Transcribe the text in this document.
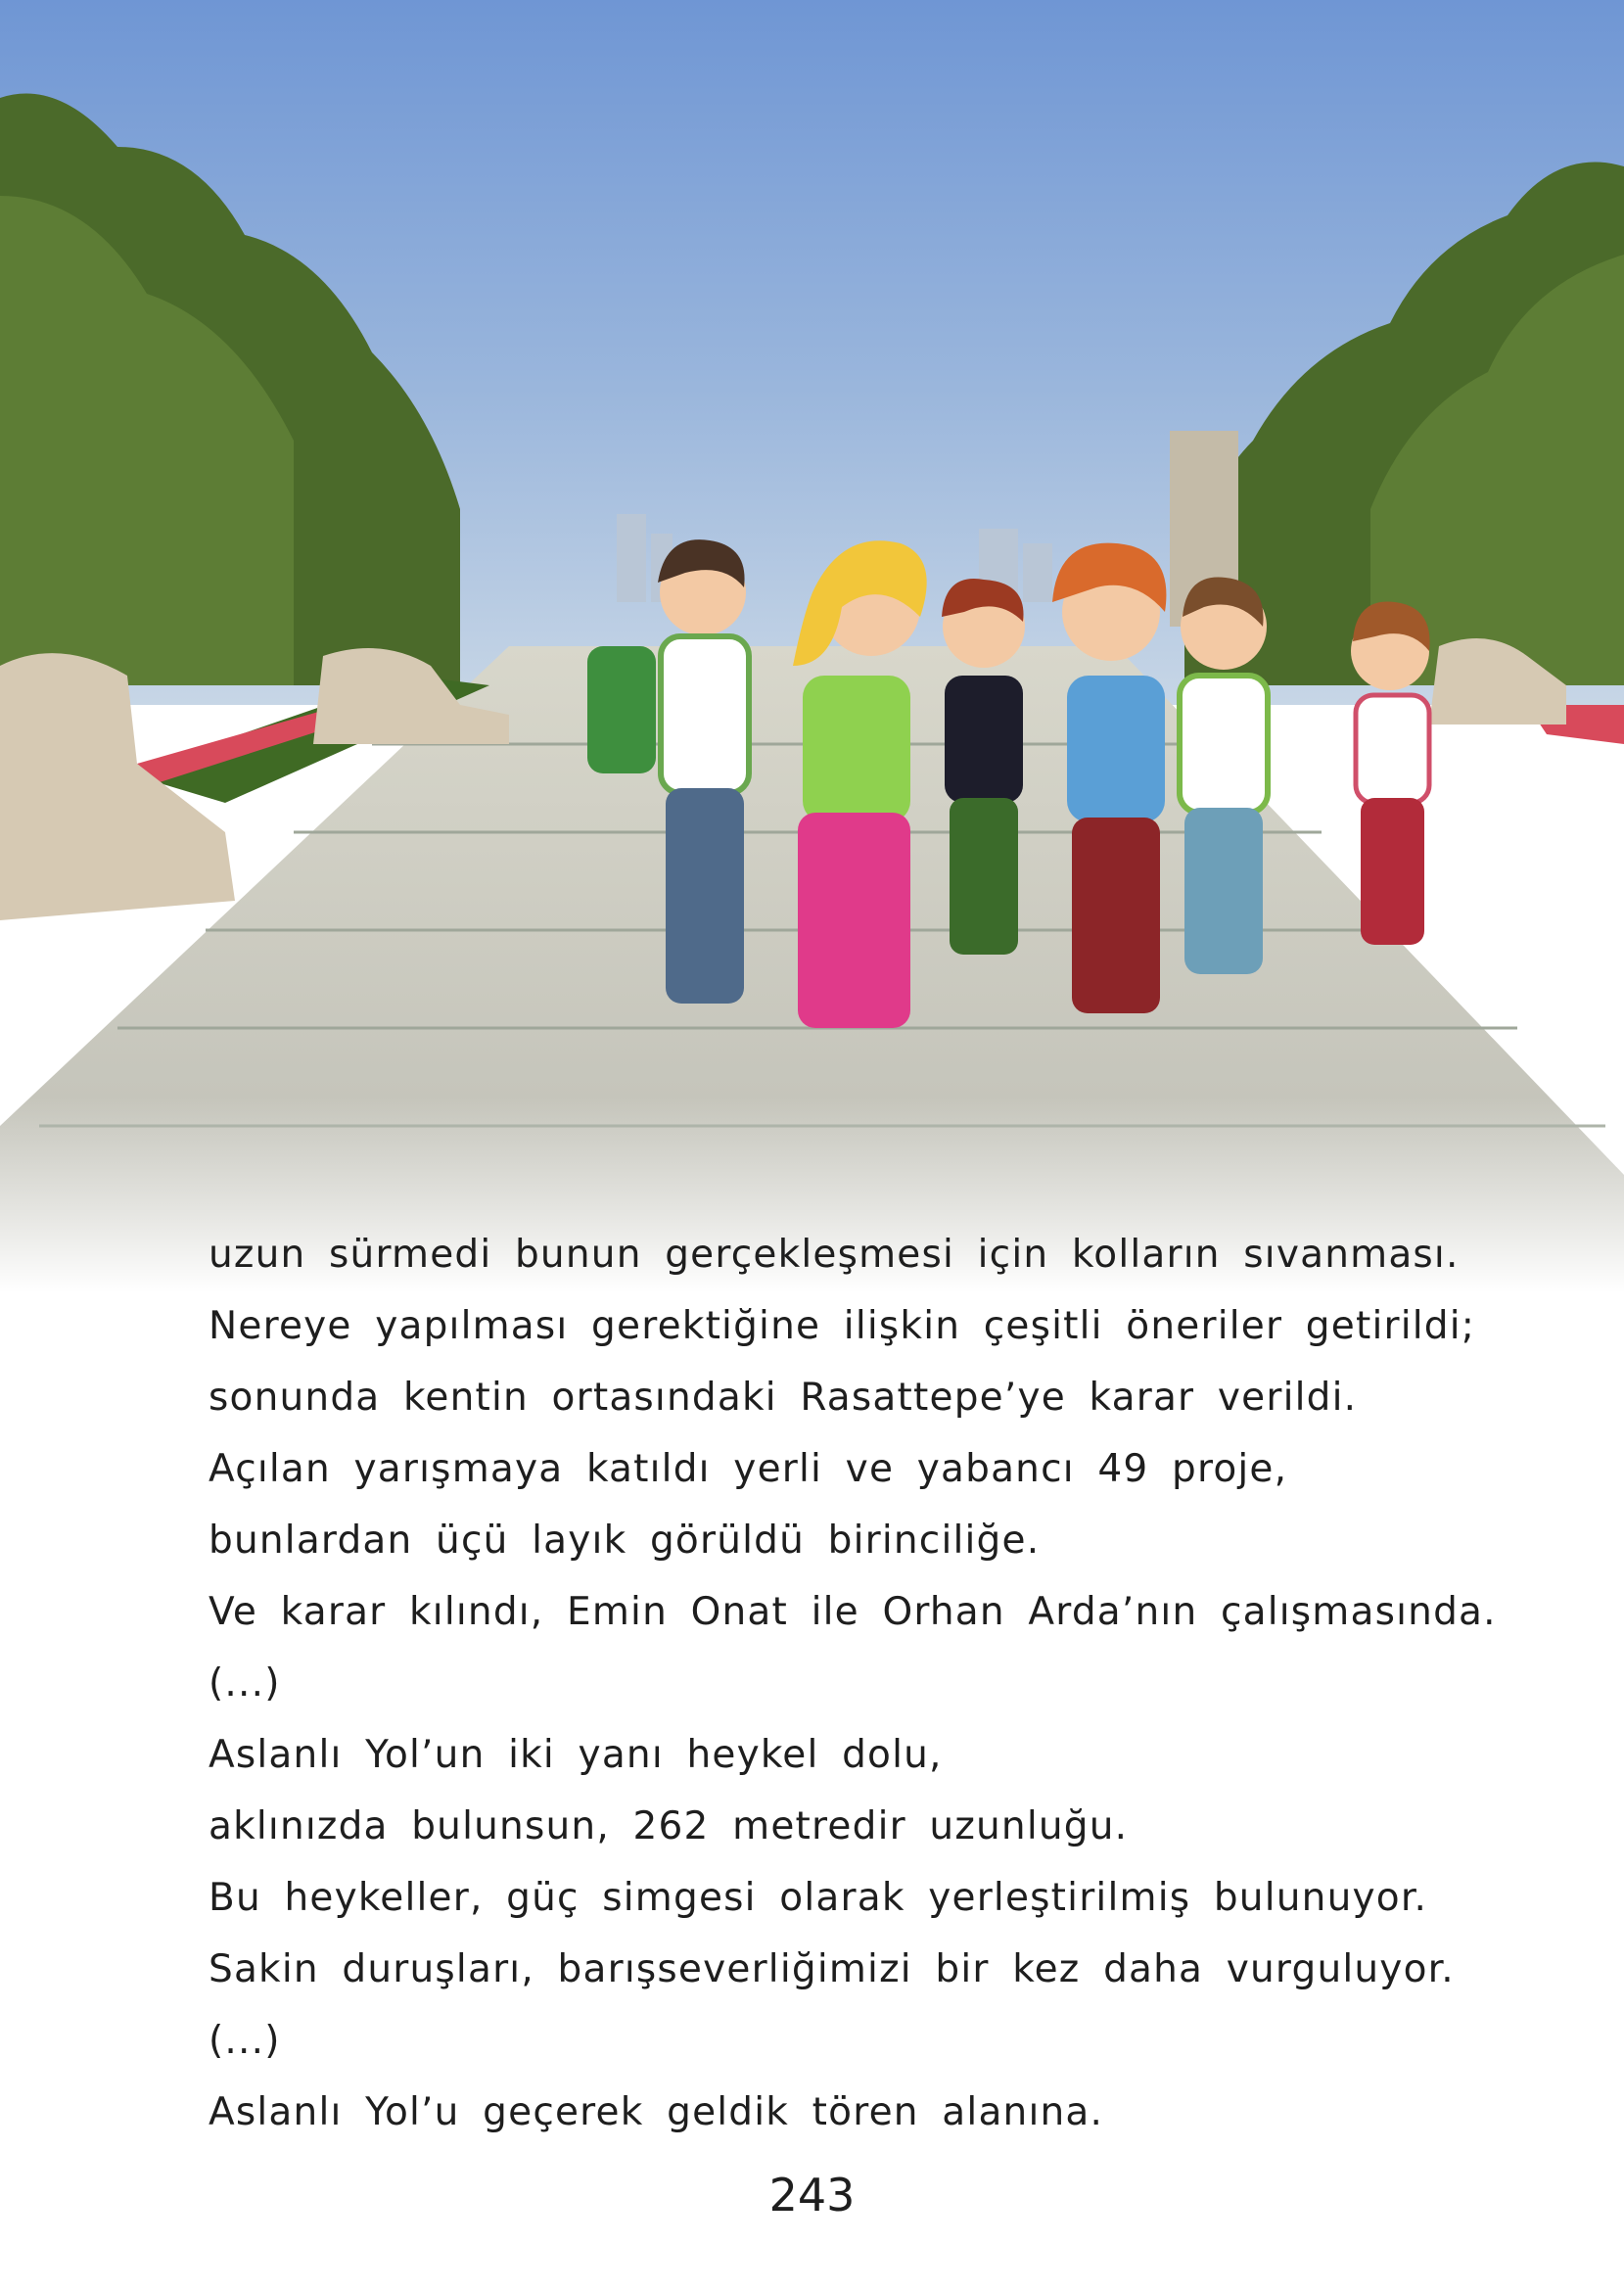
uzun sürmedi bunun gerçekleşmesi için kolların sıvanması.
Nereye yapılması gerektiğine ilişkin çeşitli öneriler getirildi;
sonunda kentin ortasındaki Rasattepe’ye karar verildi.
Açılan yarışmaya katıldı yerli ve yabancı 49 proje,
bunlardan üçü layık görüldü birinciliğe.
Ve karar kılındı, Emin Onat ile Orhan Arda’nın çalışmasında.
(...)
Aslanlı Yol’un iki yanı heykel dolu,
aklınızda bulunsun, 262 metredir uzunluğu.
Bu heykeller, güç simgesi olarak yerleştirilmiş bulunuyor.
Sakin duruşları, barışseverliğimizi bir kez daha vurguluyor.
(...)
Aslanlı Yol’u geçerek geldik tören alanına.
243
